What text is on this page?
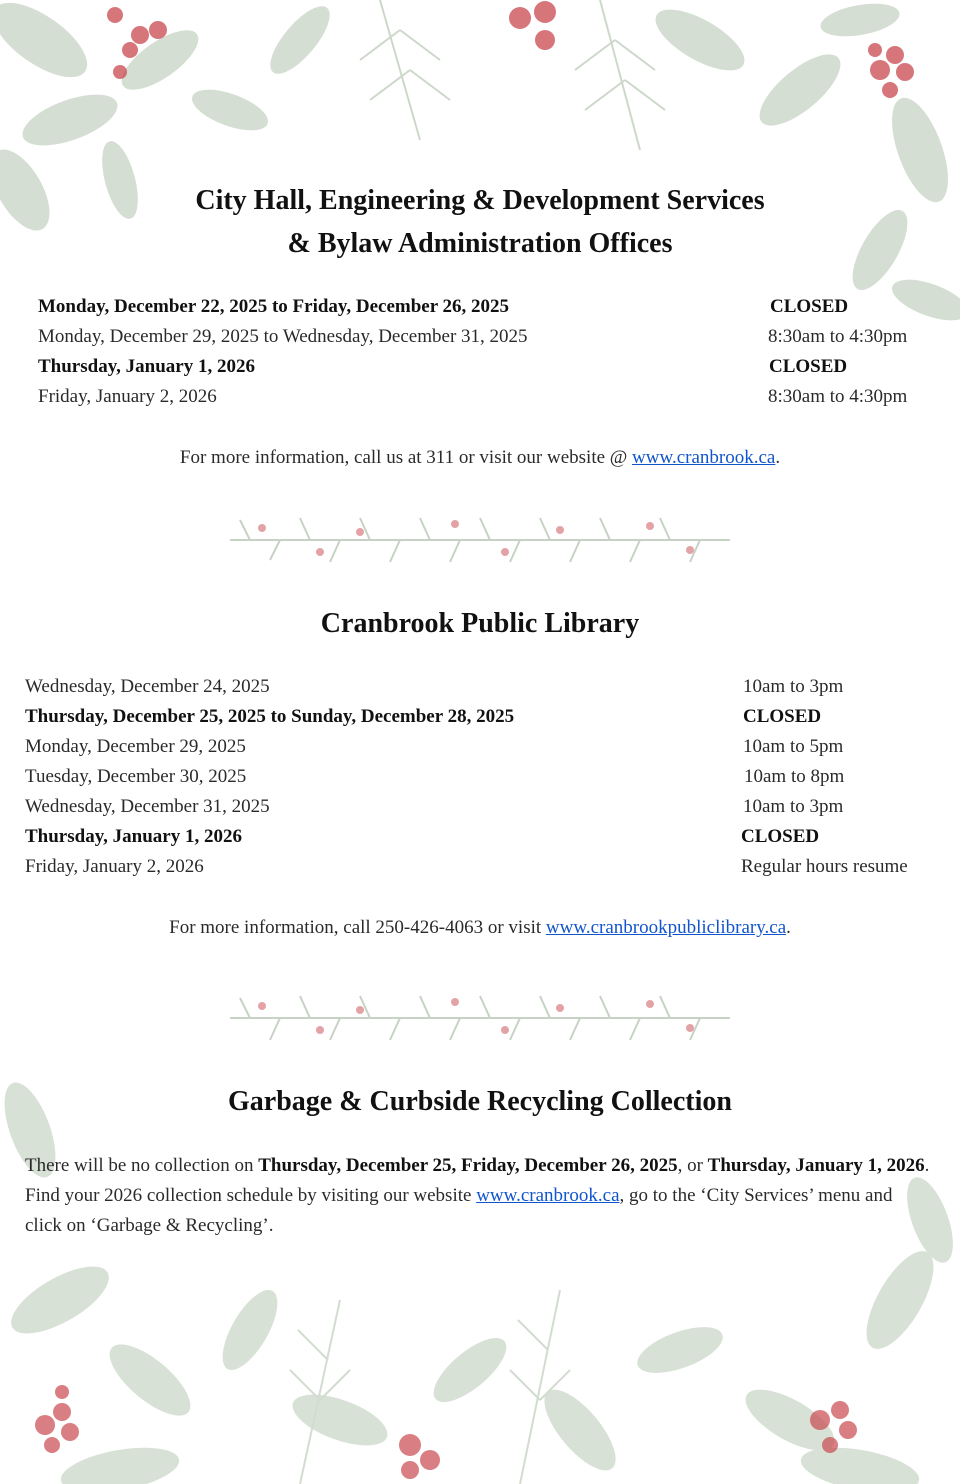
City Hall, Engineering & Development Services
& Bylaw Administration Offices
Monday, December 22, 2025 to Friday, December 26, 2025	CLOSED
Monday, December 29, 2025 to Wednesday, December 31, 2025	8:30am to 4:30pm
Thursday, January 1, 2026	CLOSED
Friday, January 2, 2026	8:30am to 4:30pm
For more information, call us at 311 or visit our website @ www.cranbrook.ca.
Cranbrook Public Library
Wednesday, December 24, 2025	10am to 3pm
Thursday, December 25, 2025 to Sunday, December 28, 2025	CLOSED
Monday, December 29, 2025	10am to 5pm
Tuesday, December 30, 2025	10am to 8pm
Wednesday, December 31, 2025	10am to 3pm
Thursday, January 1, 2026	CLOSED
Friday, January 2, 2026	Regular hours resume
For more information, call 250-426-4063 or visit www.cranbrookpubliclibrary.ca.
Garbage & Curbside Recycling Collection
There will be no collection on Thursday, December 25, Friday, December 26, 2025, or Thursday, January 1, 2026. Find your 2026 collection schedule by visiting our website www.cranbrook.ca, go to the ‘City Services’ menu and click on ‘Garbage & Recycling’.
